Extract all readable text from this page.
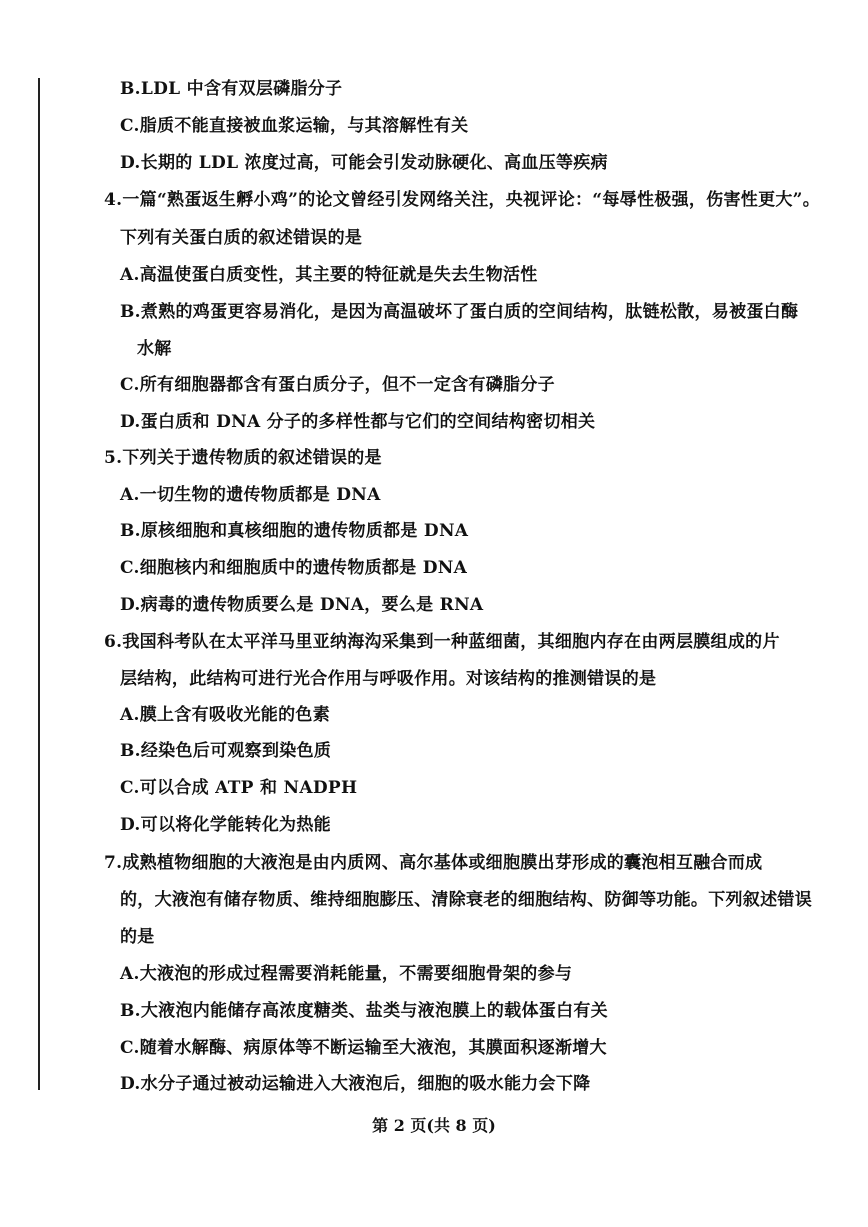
B.LDL 中含有双层磷脂分子
C.脂质不能直接被血浆运输，与其溶解性有关
D.长期的 LDL 浓度过高，可能会引发动脉硬化、高血压等疾病
4.一篇“熟蛋返生孵小鸡”的论文曾经引发网络关注，央视评论：“每辱性极强，伤害性更大”。
下列有关蛋白质的叙述错误的是
A.高温使蛋白质变性，其主要的特征就是失去生物活性
B.煮熟的鸡蛋更容易消化，是因为高温破坏了蛋白质的空间结构，肽链松散，易被蛋白酶
水解
C.所有细胞器都含有蛋白质分子，但不一定含有磷脂分子
D.蛋白质和 DNA 分子的多样性都与它们的空间结构密切相关
5.下列关于遗传物质的叙述错误的是
A.一切生物的遗传物质都是 DNA
B.原核细胞和真核细胞的遗传物质都是 DNA
C.细胞核内和细胞质中的遗传物质都是 DNA
D.病毒的遗传物质要么是 DNA，要么是 RNA
6.我国科考队在太平洋马里亚纳海沟采集到一种蓝细菌，其细胞内存在由两层膜组成的片
层结构，此结构可进行光合作用与呼吸作用。对该结构的推测错误的是
A.膜上含有吸收光能的色素
B.经染色后可观察到染色质
C.可以合成 ATP 和 NADPH
D.可以将化学能转化为热能
7.成熟植物细胞的大液泡是由内质网、高尔基体或细胞膜出芽形成的囊泡相互融合而成
的，大液泡有储存物质、维持细胞膨压、清除衰老的细胞结构、防御等功能。下列叙述错误
的是
A.大液泡的形成过程需要消耗能量，不需要细胞骨架的参与
B.大液泡内能储存高浓度糖类、盐类与液泡膜上的载体蛋白有关
C.随着水解酶、病原体等不断运输至大液泡，其膜面积逐渐增大
D.水分子通过被动运输进入大液泡后，细胞的吸水能力会下降
第 2 页(共 8 页)
